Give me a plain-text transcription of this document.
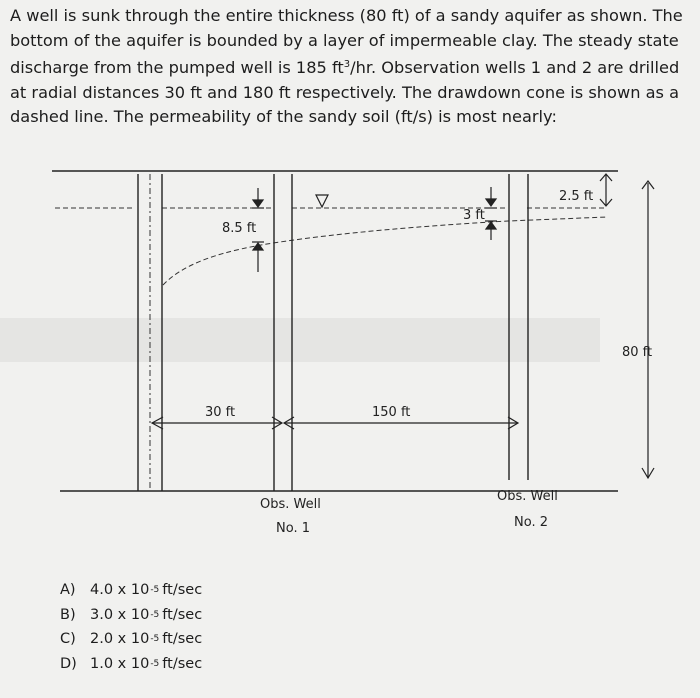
A well is sunk through the entire thickness (80 ft) of a sandy aquifer as shown. The bottom of the aquifer is bounded by a layer of impermeable clay. The steady state discharge from the pumped well is 185 $ft^3/hr$. Observation wells 1 and 2 are drilled at radial distances 30 ft and 180 ft respectively. The drawdown cone is shown as a dashed line. The permeability of the sandy soil (ft/s) is most nearly:

8.5 ft
3 ft
2.5 ft
80 ft
30 ft	150 ft
Obs. Well
No. 1
Obs. Well
No. 2
A) 4.0 x 10 -5 ft/sec
B) 3.0 x 10 -5 ft/sec
C) 2.0 x 10 -5 ft/sec
D) 1.0 x 10 -5 ft/sec
